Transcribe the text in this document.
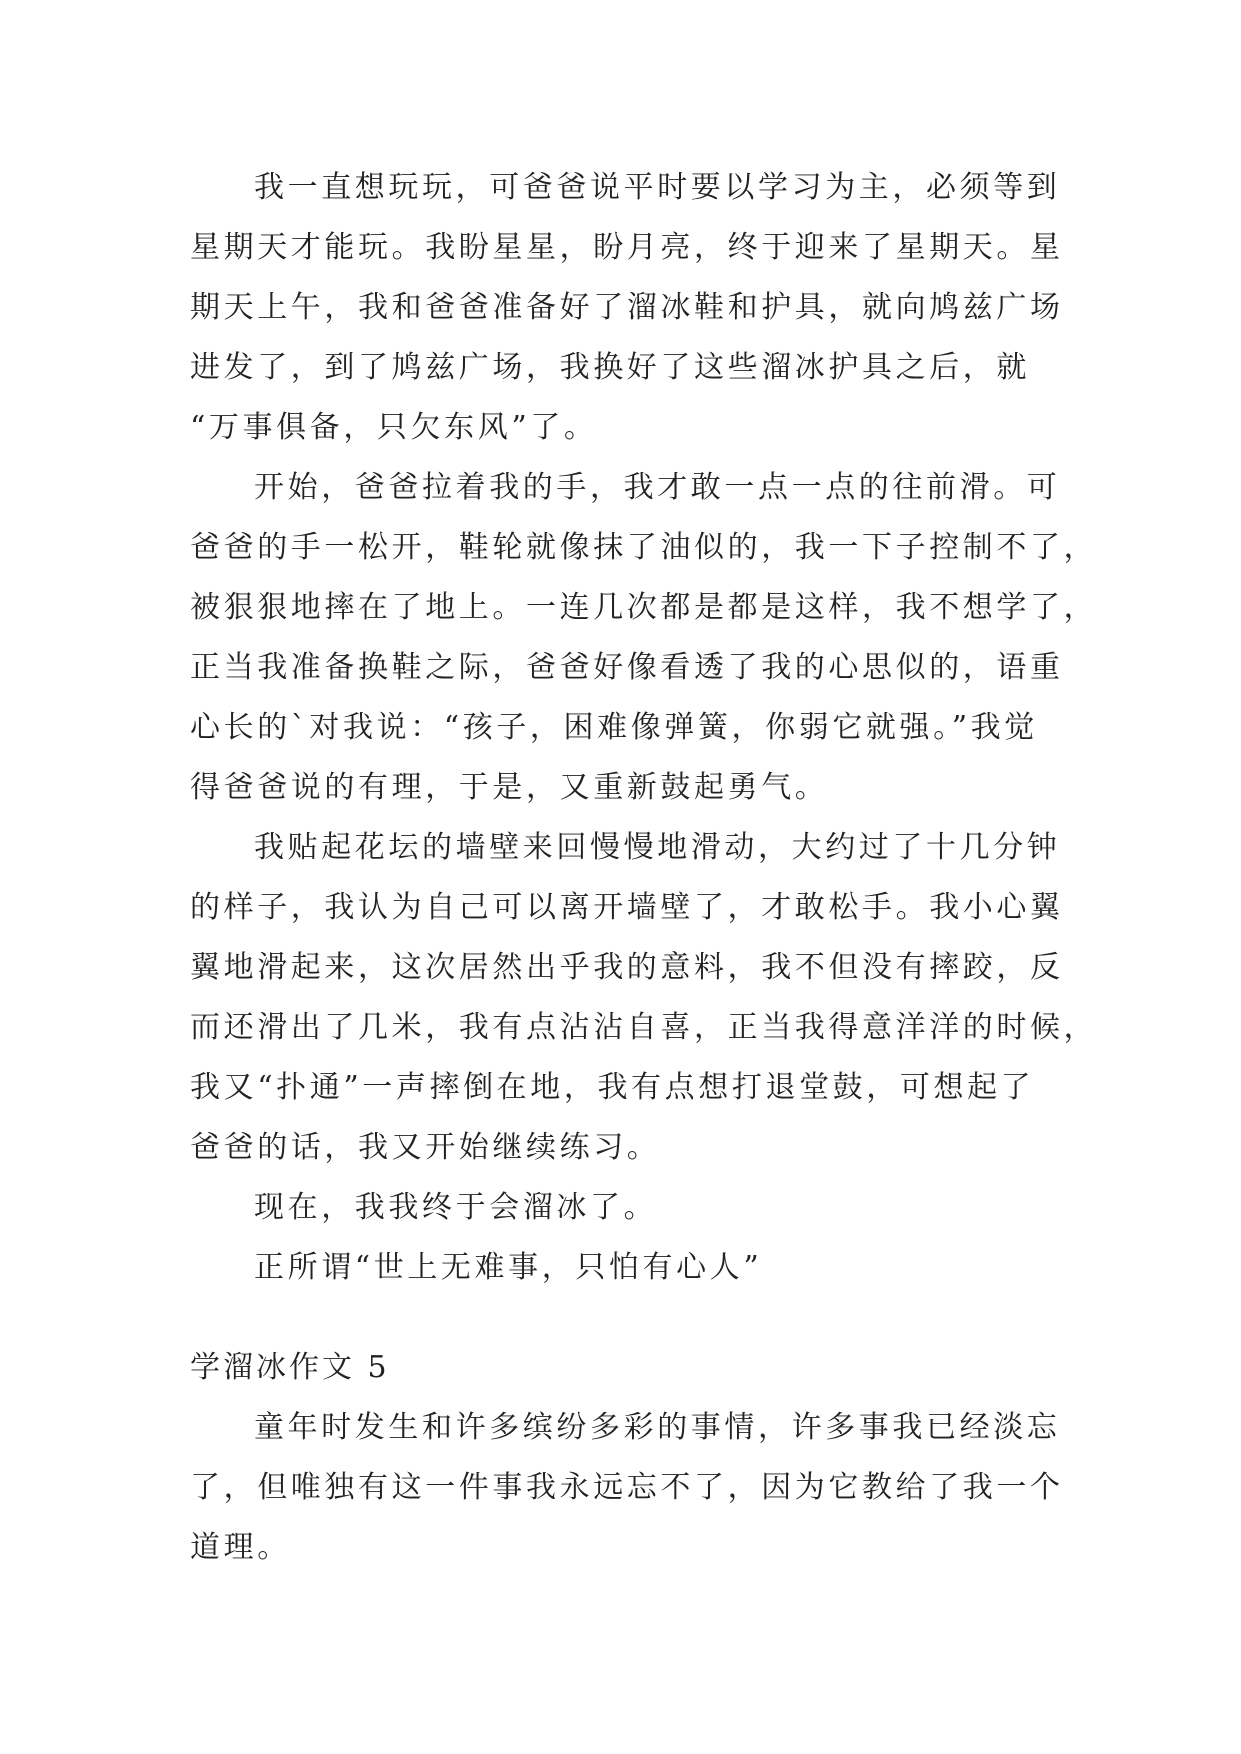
我一直想玩玩，可爸爸说平时要以学习为主，必须等到
星期天才能玩。我盼星星，盼月亮，终于迎来了星期天。星
期天上午，我和爸爸准备好了溜冰鞋和护具，就向鸠兹广场
进发了，到了鸠兹广场，我换好了这些溜冰护具之后，就
“万事俱备，只欠东风”了。
开始，爸爸拉着我的手，我才敢一点一点的往前滑。可
爸爸的手一松开，鞋轮就像抹了油似的，我一下子控制不了，
被狠狠地摔在了地上。一连几次都是都是这样，我不想学了，
正当我准备换鞋之际，爸爸好像看透了我的心思似的，语重
心长的`对我说：“孩子，困难像弹簧，你弱它就强。”我觉
得爸爸说的有理，于是，又重新鼓起勇气。
我贴起花坛的墙壁来回慢慢地滑动，大约过了十几分钟
的样子，我认为自己可以离开墙壁了，才敢松手。我小心翼
翼地滑起来，这次居然出乎我的意料，我不但没有摔跤，反
而还滑出了几米，我有点沾沾自喜，正当我得意洋洋的时候，
我又“扑通”一声摔倒在地，我有点想打退堂鼓，可想起了
爸爸的话，我又开始继续练习。
现在，我我终于会溜冰了。
正所谓“世上无难事，只怕有心人”
学溜冰作文 5
童年时发生和许多缤纷多彩的事情，许多事我已经淡忘
了，但唯独有这一件事我永远忘不了，因为它教给了我一个
道理。
